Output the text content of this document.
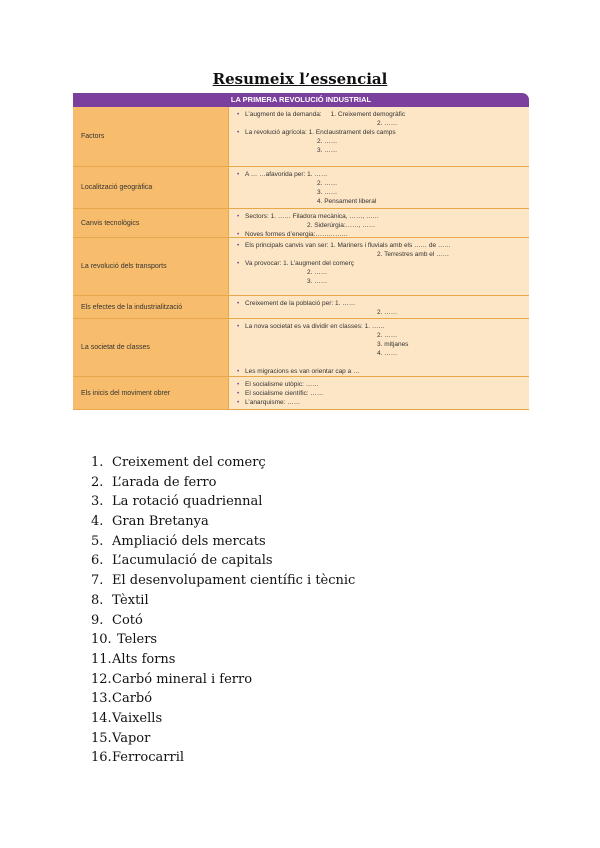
Resumeix l’essencial
LA PRIMERA REVOLUCIÓ INDUSTRIAL
Factors
• L’augment de la demanda:     1. Creixement demogràfic
2. ……
• La revolució agrícola: 1. Enclaustrament dels camps
2. ……
3. ……
Localització geogràfica
• A … …afavorida per: 1. ……
2. ……
3. ……
4. Pensament liberal
Canvis tecnològics
• Sectors: 1. …… Filadora mecànica, ……, ……
2. Siderúrgia:……, ……
• Noves formes d’energia:……………
La revolució dels transports
• Els principals canvis van ser: 1. Mariners i fluvials amb els …… de ……
2. Terrestres amb el ……
• Va provocar: 1. L’augment del comerç
2. ……
3. ……
Els efectes de la industrialització
•	Creixement de la població per: 1. ……
2. ……
La societat de classes
• La nova societat es va dividir en classes: 1. ……
2. ……
3. mitjanes
4. ……
• Les migracions es van orientar cap a …
Els inicis del moviment obrer
• El socialisme utòpic: ……
• El socialisme científic: ……
• L’anarquisme: ……
1. Creixement del comerç
2. L’arada de ferro
3. La rotació quadriennal
4. Gran Bretanya
5. Ampliació dels mercats
6. L’acumulació de capitals
7. El desenvolupament científic i tècnic
8. Tèxtil
9. Cotó
10. Telers
11.Alts forns
12.Carbó mineral i ferro
13.Carbó
14.Vaixells
15.Vapor
16.Ferrocarril
